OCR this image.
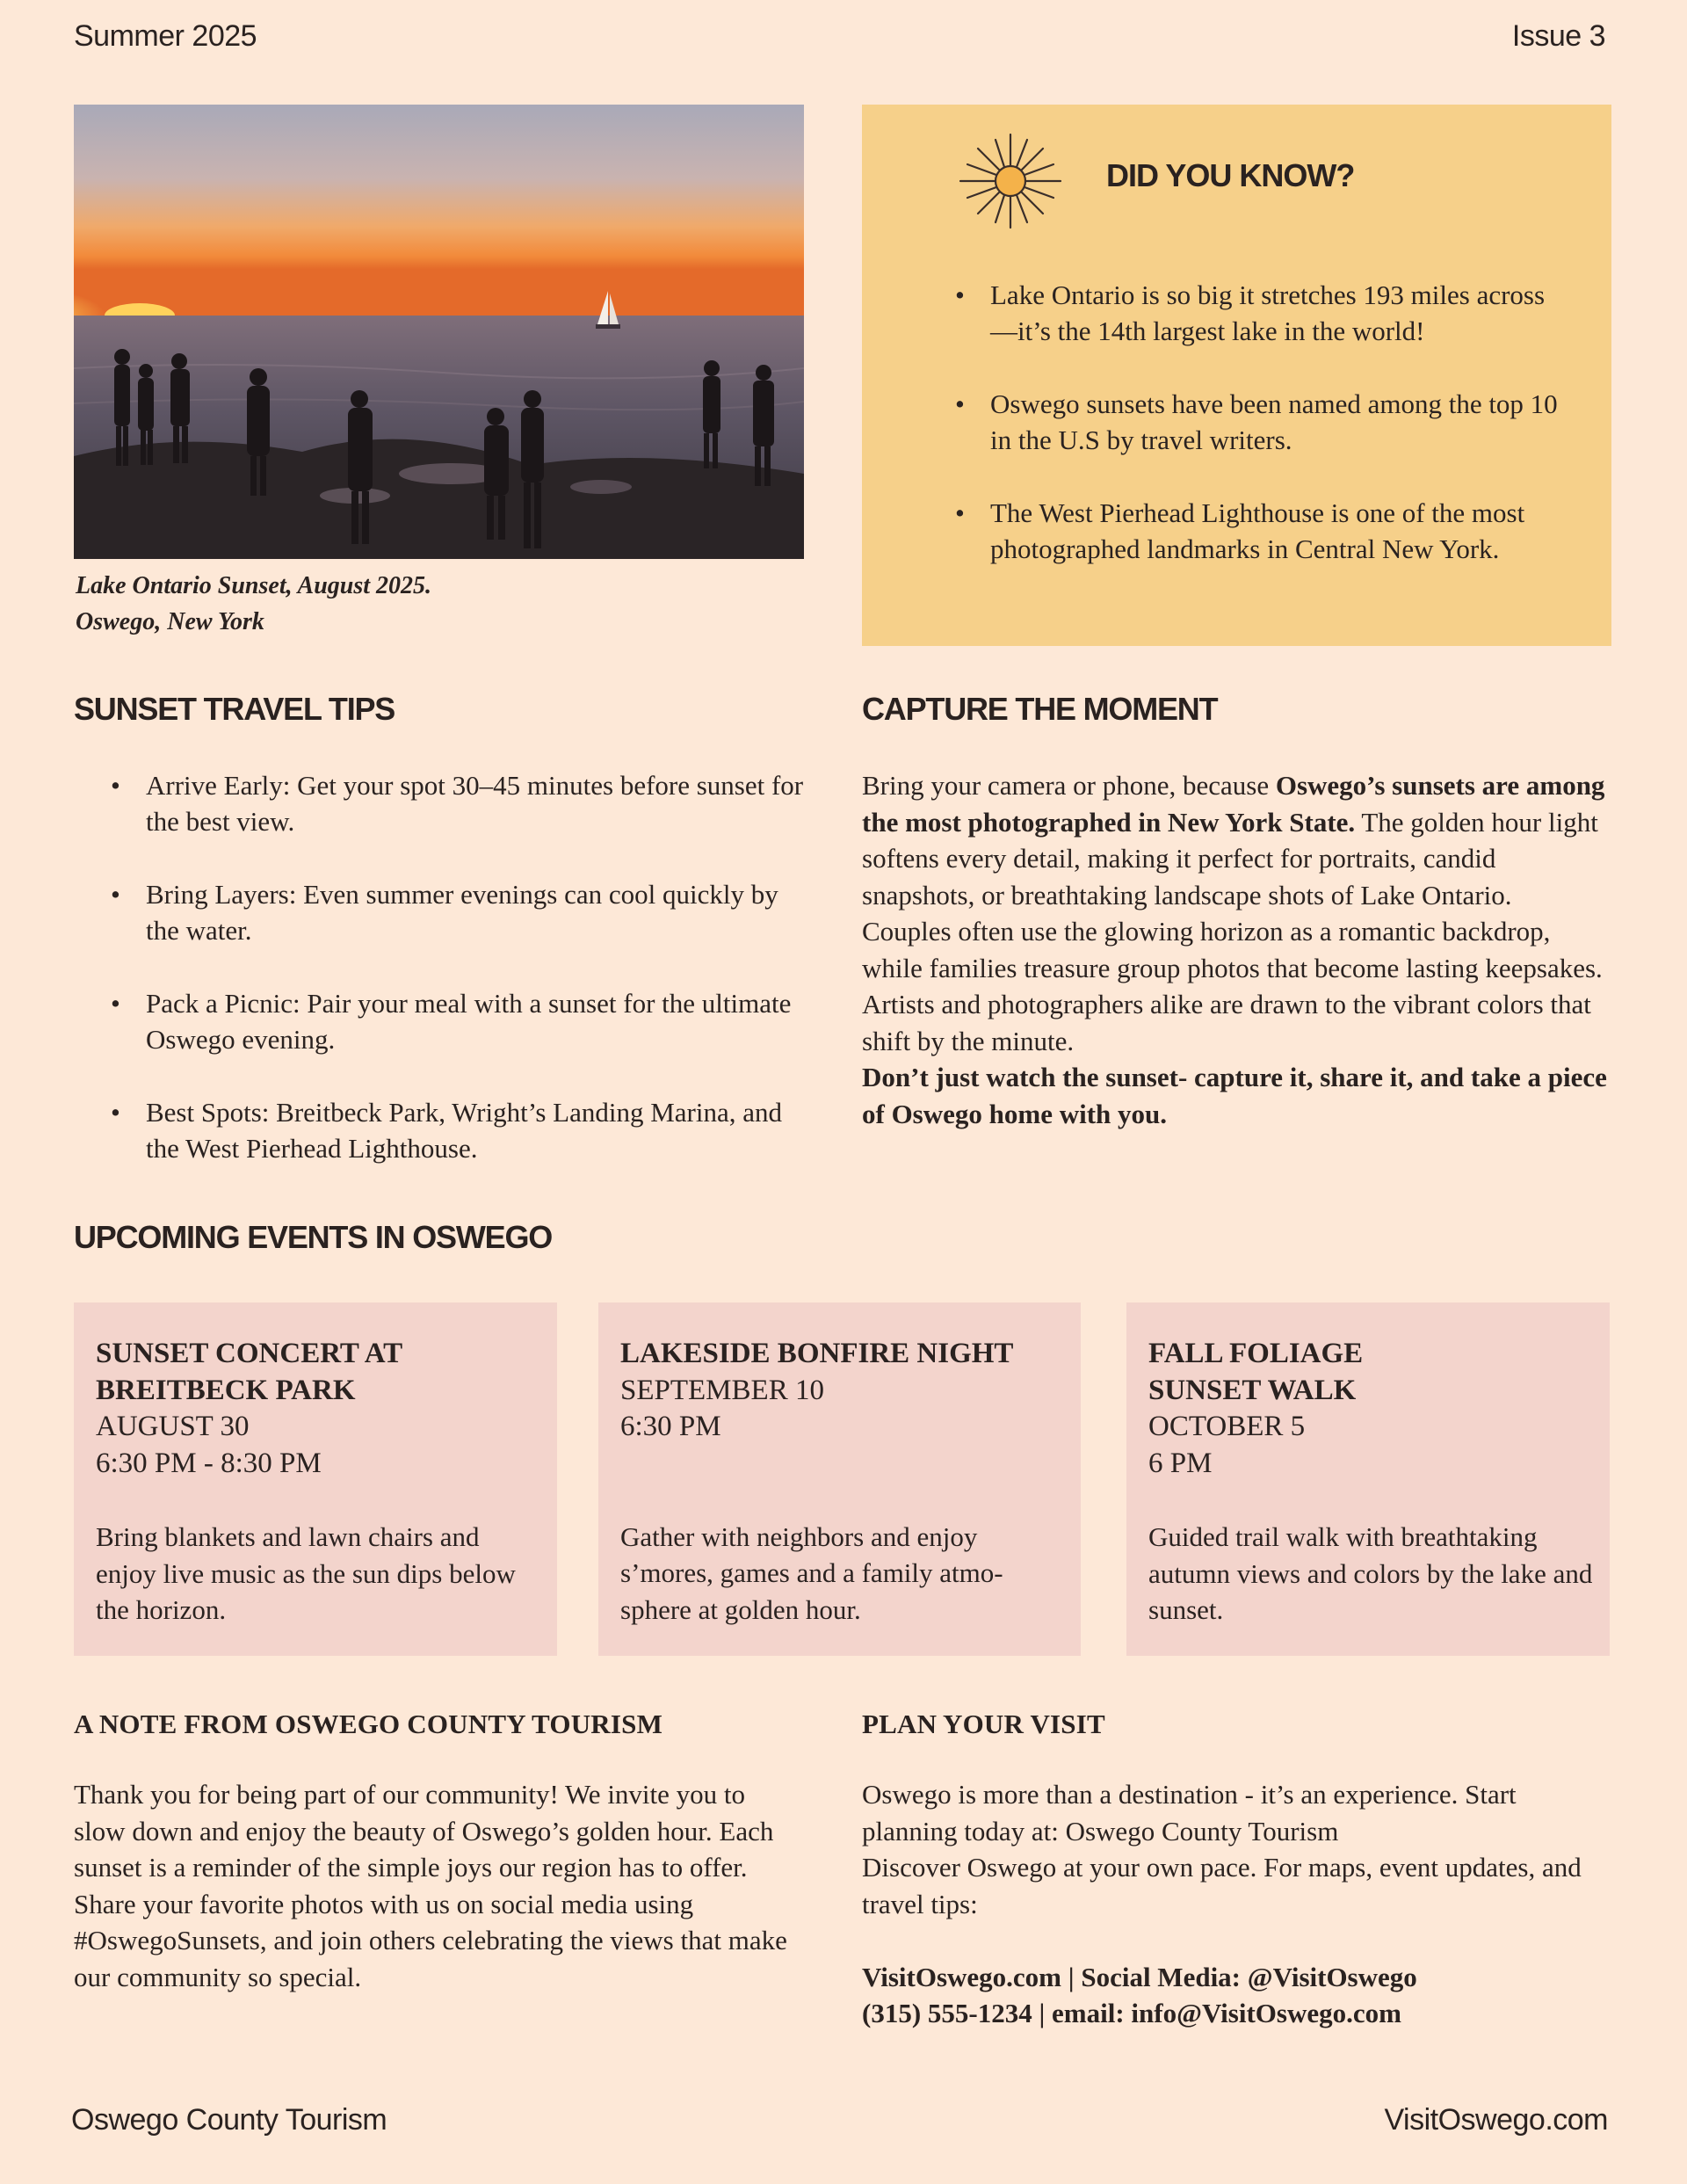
Summer 2025	Issue 3
Lake Ontario Sunset, August 2025.
Oswego, New York
DID YOU KNOW?
• Lake Ontario is so big it stretches 193 miles across—it’s the 14th largest lake in the world!
• Oswego sunsets have been named among the top 10 in the U.S by travel writers.
• The West Pierhead Lighthouse is one of the most photographed landmarks in Central New York.
SUNSET TRAVEL TIPS
• Arrive Early: Get your spot 30–45 minutes before sunset for the best view.
• Bring Layers: Even summer evenings can cool quickly by the water.
• Pack a Picnic: Pair your meal with a sunset for the ultimate Oswego evening.
• Best Spots: Breitbeck Park, Wright’s Landing Marina, and the West Pierhead Lighthouse.
CAPTURE THE MOMENT
Bring your camera or phone, because Oswego’s sunsets are among the most photographed in New York State. The golden hour light softens every detail, making it perfect for portraits, candid snapshots, or breathtaking landscape shots of Lake Ontario.
Couples often use the glowing horizon as a romantic backdrop, while families treasure group photos that become lasting keepsakes. Artists and photographers alike are drawn to the vibrant colors that shift by the minute.
Don’t just watch the sunset- capture it, share it, and take a piece of Oswego home with you.
UPCOMING EVENTS IN OSWEGO
SUNSET CONCERT AT BREITBECK PARK
AUGUST 30
6:30 PM - 8:30 PM
Bring blankets and lawn chairs and enjoy live music as the sun dips below the horizon.
LAKESIDE BONFIRE NIGHT
SEPTEMBER 10
6:30 PM
Gather with neighbors and enjoy s’mores, games and a family atmosphere at golden hour.
FALL FOLIAGE SUNSET WALK
OCTOBER 5
6 PM
Guided trail walk with breathtaking autumn views and colors by the lake and sunset.
A NOTE FROM OSWEGO COUNTY TOURISM
Thank you for being part of our community! We invite you to slow down and enjoy the beauty of Oswego’s golden hour. Each sunset is a reminder of the simple joys our region has to offer.
Share your favorite photos with us on social media using #OswegoSunsets, and join others celebrating the views that make our community so special.
PLAN YOUR VISIT
Oswego is more than a destination - it’s an experience. Start planning today at: Oswego County Tourism
Discover Oswego at your own pace. For maps, event updates, and travel tips:
VisitOswego.com | Social Media: @VisitOswego
(315) 555-1234 | email: info@VisitOswego.com
Oswego County Tourism	VisitOswego.com
